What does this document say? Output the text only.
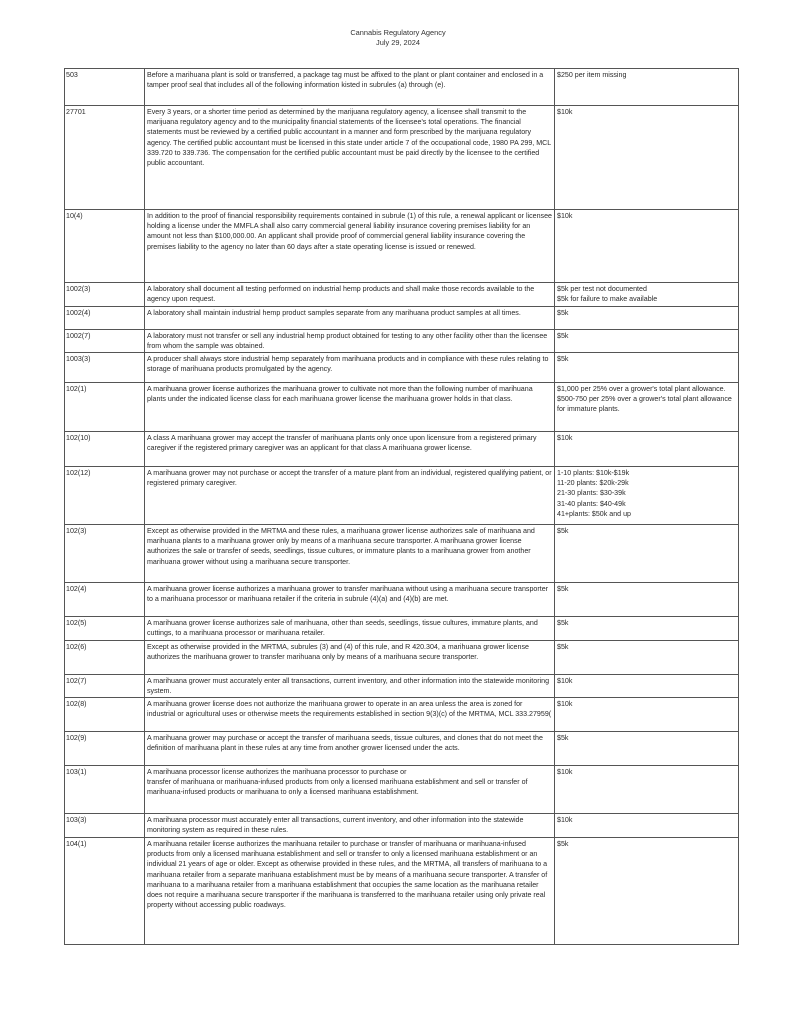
Cannabis Regulatory Agency
July 29, 2024
503	Before a marihuana plant is sold or transferred, a package tag must be affixed to the plant or plant container and enclosed in a tamper proof seal that includes all of the following information kisted in subrules (a) through (e).	$250 per item missing

27701	Every 3 years, or a shorter time period as determined by the marijuana regulatory agency, a licensee shall transmit to the marijuana regulatory agency and to the municipality financial statements of the licensee's total operations. The financial statements must be reviewed by a certified public accountant in a manner and form prescribed by the marijuana regulatory agency. The certified public accountant must be licensed in this state under article 7 of the occupational code, 1980 PA 299, MCL 339.720 to 339.736. The compensation for the certified public accountant must be paid directly by the licensee to the certified public accountant.	$10k

10(4)	In addition to the proof of financial responsibility requirements contained in subrule (1) of this rule, a renewal applicant or licensee holding a license under the MMFLA shall also carry commercial general liability insurance covering premises liability for an amount not less than $100,000.00. An applicant shall provide proof of commercial general liability insurance covering the premises liability to the agency no later than 60 days after a state operating license is issued or renewed.	$10k

1002(3)	A laboratory shall document all testing performed on industrial hemp products and shall make those records available to the agency upon request.	$5k per test not documented
$5k for failure to make available

1002(4)	A laboratory shall maintain industrial hemp product samples separate from any marihuana product samples at all times.	$5k

1002(7)	A laboratory must not transfer or sell any industrial hemp product obtained for testing to any other facility other than the licensee from whom the sample was obtained.	$5k

1003(3)	A producer shall always store industrial hemp separately from marihuana products and in compliance with these rules relating to storage of marihuana products promulgated by the agency.	$5k

102(1)	A marihuana grower license authorizes the marihuana grower to cultivate not more than the following number of marihuana plants under the indicated license class for each marihuana grower license the marihuana grower holds in that class.	$1,000 per 25% over a grower's total plant allowance.
$500-750 per 25% over a grower's total plant allowance for immature plants.

102(10)	A class A marihuana grower may accept the transfer of marihuana plants only once upon licensure from a registered primary caregiver if the registered primary caregiver was an applicant for that class A marihuana grower license.	$10k

102(12)	A marihuana grower may not purchase or accept the transfer of a mature plant from an individual, registered qualifying patient, or registered primary caregiver.	1-10 plants: $10k-$19k
11-20 plants: $20k-29k
21-30 plants: $30-39k
31-40 plants: $40-49k
41+plants: $50k and up

102(3)	Except as otherwise provided in the MRTMA and these rules, a marihuana grower license authorizes sale of marihuana and marihuana plants to a marihuana grower only by means of a marihuana secure transporter. A marihuana grower license authorizes the sale or transfer of seeds, seedlings, tissue cultures, or immature plants to a marihuana grower from another marihuana grower without using a marihuana secure transporter.	$5k

102(4)	A marihuana grower license authorizes a marihuana grower to transfer marihuana without using a marihuana secure transporter to a marihuana processor or marihuana retailer if the criteria in subrule (4)(a) and (4)(b) are met.	$5k

102(5)	A marihuana grower license authorizes sale of marihuana, other than seeds, seedlings, tissue cultures, immature plants, and cuttings, to a marihuana processor or marihuana retailer.	$5k

102(6)	Except as otherwise provided in the MRTMA, subrules (3) and (4) of this rule, and R 420.304, a marihuana grower license authorizes the marihuana grower to transfer marihuana only by means of a marihuana secure transporter.	$5k

102(7)	A marihuana grower must accurately enter all transactions, current inventory, and other information into the statewide monitoring system.	$10k

102(8)	A marihuana grower license does not authorize the marihuana grower to operate in an area unless the area is zoned for industrial or agricultural uses or otherwise meets the requirements established in section 9(3)(c) of the MRTMA, MCL 333.27959(	$10k

102(9)	A marihuana grower may purchase or accept the transfer of marihuana seeds, tissue cultures, and clones that do not meet the definition of marihuana plant in these rules at any time from another grower licensed under the acts.	$5k

103(1)	A marihuana processor license authorizes the marihuana processor to purchase or
transfer of marihuana or marihuana-infused products from only a licensed marihuana establishment and sell or transfer of marihuana-infused products or marihuana to only a licensed marihuana establishment.	$10k

103(3)	A marihuana processor must accurately enter all transactions, current inventory, and other information into the statewide monitoring system as required in these rules.	$10k

104(1)	A marihuana retailer license authorizes the marihuana retailer to purchase or transfer of marihuana or marihuana-infused products from only a licensed marihuana establishment and sell or transfer to only a licensed marihuana establishment or an individual 21 years of age or older. Except as otherwise provided in these rules, and the MRTMA, all transfers of marihuana to a marihuana retailer from a separate marihuana establishment must be by means of a marihuana secure transporter. A transfer of marihuana to a marihuana retailer from a marihuana establishment that occupies the same location as the marihuana retailer does not require a marihuana secure transporter if the marihuana is transferred to the marihuana retailer using only private real property without accessing public roadways.	$5k
